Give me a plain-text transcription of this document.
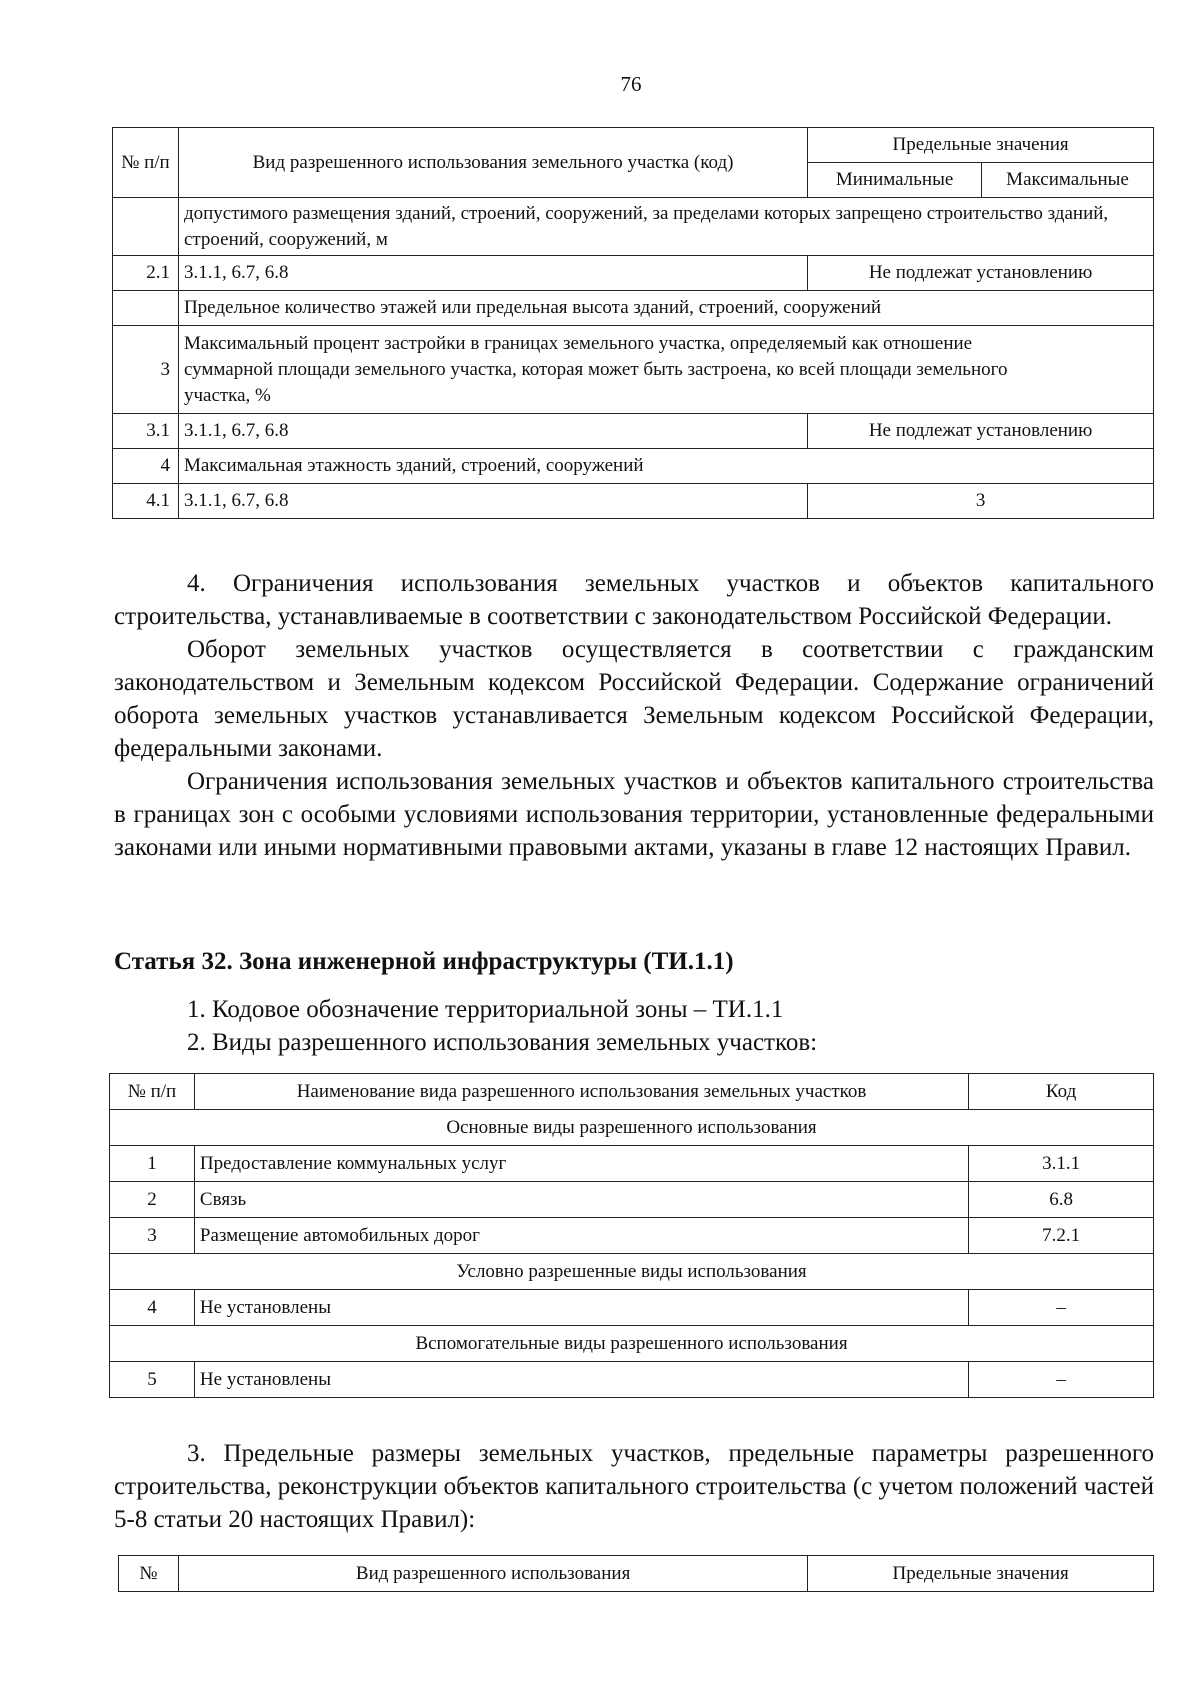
76
№ п/п	Вид разрешенного использования земельного участка (код)	Предельные значения	
		Минимальные	Максимальные
	допустимого размещения зданий, строений, сооружений, за пределами которых запрещено строительство зданий, строений, сооружений, м		
2.1	3.1.1, 6.7, 6.8	Не подлежат установлению	
	Предельное количество этажей или предельная высота зданий, строений, сооружений		
3	Максимальный процент застройки в границах земельного участка, определяемый как отношение суммарной площади земельного участка, которая может быть застроена, ко всей площади земельного участка, %		
3.1	3.1.1, 6.7, 6.8	Не подлежат установлению	
4	Максимальная этажность зданий, строений, сооружений		
4.1	3.1.1, 6.7, 6.8	3	

4. Ограничения использования земельных участков и объектов капитального строительства, устанавливаемые в соответствии с законодательством Российской Федерации.

Оборот земельных участков осуществляется в соответствии с гражданским законодательством и Земельным кодексом Российской Федерации. Содержание ограничений оборота земельных участков устанавливается Земельным кодексом Российской Федерации, федеральными законами.

Ограничения использования земельных участков и объектов капитального строительства в границах зон с особыми условиями использования территории, установленные федеральными законами или иными нормативными правовыми актами, указаны в главе 12 настоящих Правил.

Статья 32. Зона инженерной инфраструктуры (ТИ.1.1)
1. Кодовое обозначение территориальной зоны – ТИ.1.1
2. Виды разрешенного использования земельных участков:
№ п/п	Наименование вида разрешенного использования земельных участков	Код
Основные виды разрешенного использования		
1	Предоставление коммунальных услуг	3.1.1
2	Связь	6.8
3	Размещение автомобильных дорог	7.2.1
Условно разрешенные виды использования		
4	Не установлены	–
Вспомогательные виды разрешенного использования		
5	Не установлены	–

3. Предельные размеры земельных участков, предельные параметры разрешенного строительства, реконструкции объектов капитального строительства (с учетом положений частей 5-8 статьи 20 настоящих Правил):

№	Вид разрешенного использования	Предельные значения
